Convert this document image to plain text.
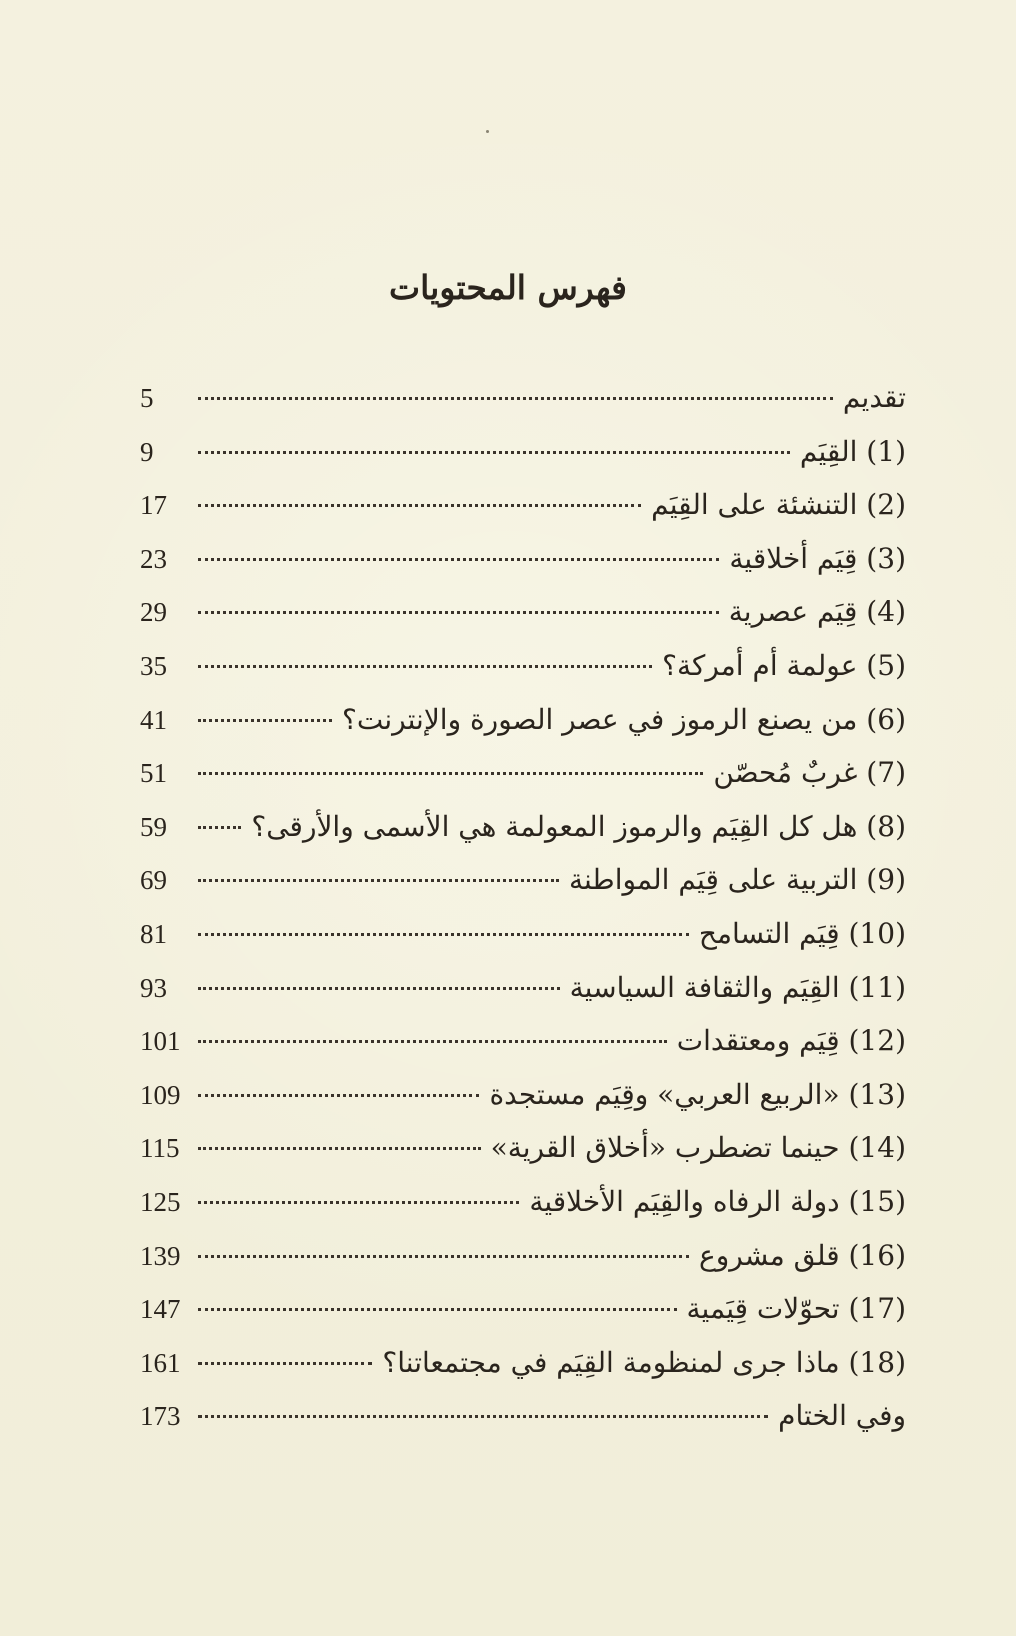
فهرس المحتويات
تقديم
5
(1) القِيَم
9
(2) التنشئة على القِيَم
17
(3) قِيَم أخلاقية
23
(4) قِيَم عصرية
29
(5) عولمة أم أمركة؟
35
(6) من يصنع الرموز في عصر الصورة والإنترنت؟
41
(7) غربٌ مُحصّن
51
(8) هل كل القِيَم والرموز المعولمة هي الأسمى والأرقى؟
59
(9) التربية على قِيَم المواطنة
69
(10) قِيَم التسامح
81
(11) القِيَم والثقافة السياسية
93
(12) قِيَم ومعتقدات
101
(13) «الربيع العربي» وقِيَم مستجدة
109
(14) حينما تضطرب «أخلاق القرية»
115
(15) دولة الرفاه والقِيَم الأخلاقية
125
(16) قلق مشروع
139
(17) تحوّلات قِيَمية
147
(18) ماذا جرى لمنظومة القِيَم في مجتمعاتنا؟
161
وفي الختام
173
